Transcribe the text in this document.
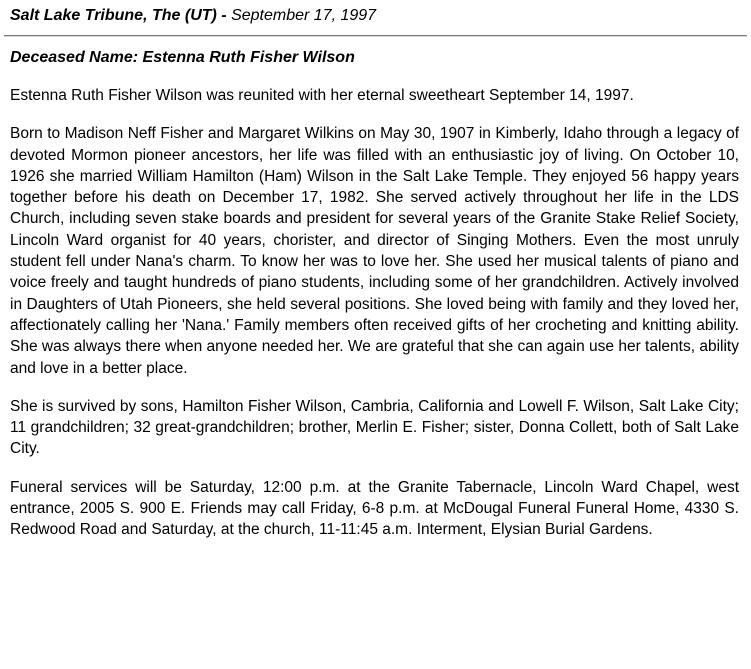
Salt Lake Tribune, The (UT) - September 17, 1997
Deceased Name: Estenna Ruth Fisher Wilson

Estenna Ruth Fisher Wilson was reunited with her eternal sweetheart September 14, 1997.

Born to Madison Neff Fisher and Margaret Wilkins on May 30, 1907 in Kimberly, Idaho through a legacy of devoted Mormon pioneer ancestors, her life was filled with an enthusiastic joy of living. On October 10, 1926 she married William Hamilton (Ham) Wilson in the Salt Lake Temple. They enjoyed 56 happy years together before his death on December 17, 1982. She served actively throughout her life in the LDS Church, including seven stake boards and president for several years of the Granite Stake Relief Society, Lincoln Ward organist for 40 years, chorister, and director of Singing Mothers. Even the most unruly student fell under Nana's charm. To know her was to love her. She used her musical talents of piano and voice freely and taught hundreds of piano students, including some of her grandchildren. Actively involved in Daughters of Utah Pioneers, she held several positions. She loved being with family and they loved her, affectionately calling her 'Nana.' Family members often received gifts of her crocheting and knitting ability. She was always there when anyone needed her. We are grateful that she can again use her talents, ability and love in a better place.

She is survived by sons, Hamilton Fisher Wilson, Cambria, California and Lowell F. Wilson, Salt Lake City; 11 grandchildren; 32 great-grandchildren; brother, Merlin E. Fisher; sister, Donna Collett, both of Salt Lake City.

Funeral services will be Saturday, 12:00 p.m. at the Granite Tabernacle, Lincoln Ward Chapel, west entrance, 2005 S. 900 E. Friends may call Friday, 6-8 p.m. at McDougal Funeral Funeral Home, 4330 S. Redwood Road and Saturday, at the church, 11-11:45 a.m. Interment, Elysian Burial Gardens.
